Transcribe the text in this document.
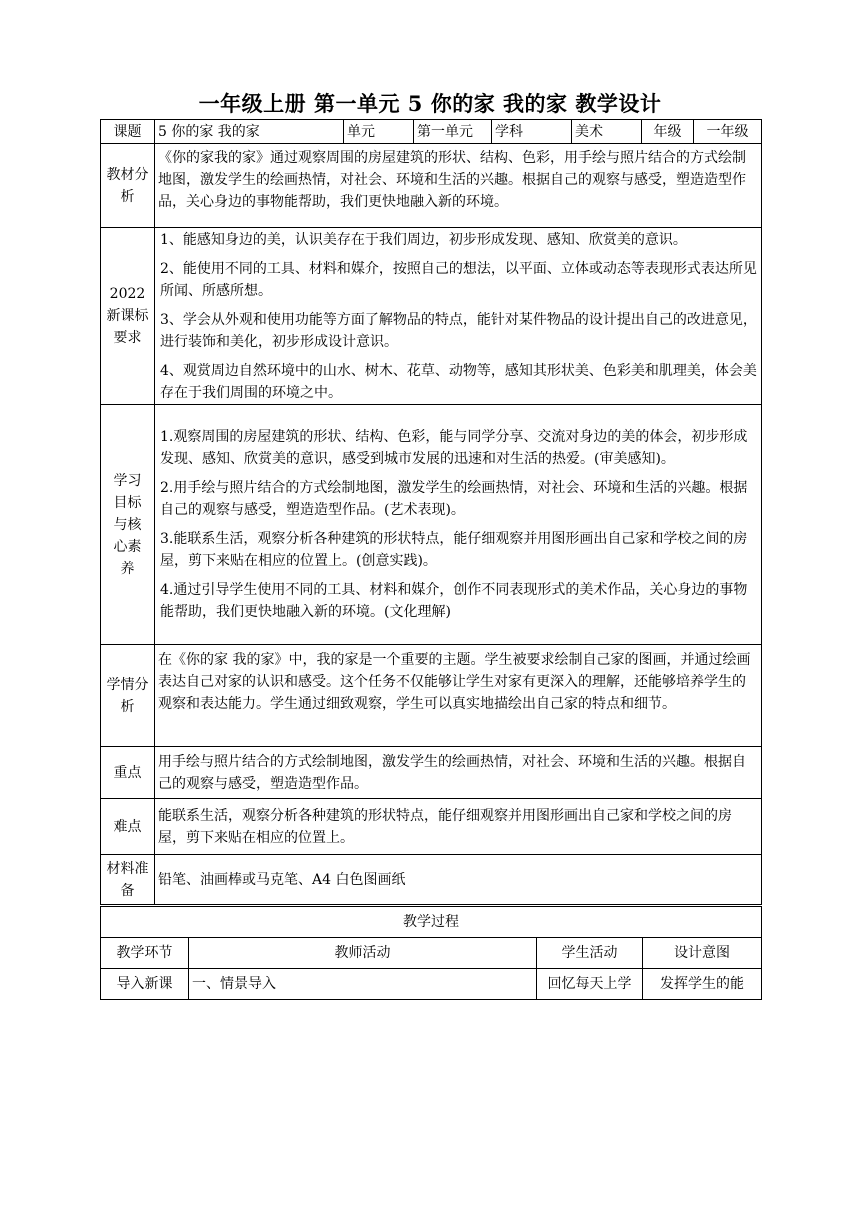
一年级上册 第一单元 5 你的家 我的家 教学设计
课题	5 你的家 我的家	单元	第一单元	学科	美术	年级	一年级
教材分析	《你的家我的家》通过观察周围的房屋建筑的形状、结构、色彩，用手绘与照片结合的方式绘制地图，激发学生的绘画热情，对社会、环境和生活的兴趣。根据自己的观察与感受，塑造造型作品，关心身边的事物能帮助，我们更快地融入新的环境。						
2022 新课标要求	1、能感知身边的美，认识美存在于我们周边，初步形成发现、感知、欣赏美的意识。

2、能使用不同的工具、材料和媒介，按照自己的想法，以平面、立体或动态等表现形式表达所见所闻、所感所想。

3、学会从外观和使用功能等方面了解物品的特点，能针对某件物品的设计提出自己的改进意见，进行装饰和美化，初步形成设计意识。

4、观赏周边自然环境中的山水、树木、花草、动物等，感知其形状美、色彩美和肌理美，体会美存在于我们周围的环境之中。						

学习目标与核心素养	1.观察周围的房屋建筑的形状、结构、色彩，能与同学分享、交流对身边的美的体会，初步形成发现、感知、欣赏美的意识，感受到城市发展的迅速和对生活的热爱。(审美感知)。

2.用手绘与照片结合的方式绘制地图，激发学生的绘画热情，对社会、环境和生活的兴趣。根据自己的观察与感受，塑造造型作品。(艺术表现)。

3.能联系生活，观察分析各种建筑的形状特点，能仔细观察并用图形画出自己家和学校之间的房屋，剪下来贴在相应的位置上。(创意实践)。

4.通过引导学生使用不同的工具、材料和媒介，创作不同表现形式的美术作品，关心身边的事物能帮助，我们更快地融入新的环境。(文化理解)						

学情分析	在《你的家 我的家》中，我的家是一个重要的主题。学生被要求绘制自己家的图画，并通过绘画表达自己对家的认识和感受。这个任务不仅能够让学生对家有更深入的理解，还能够培养学生的观察和表达能力。学生通过细致观察，学生可以真实地描绘出自己家的特点和细节。						
重点	用手绘与照片结合的方式绘制地图，激发学生的绘画热情，对社会、环境和生活的兴趣。根据自己的观察与感受，塑造造型作品。						
难点	能联系生活，观察分析各种建筑的形状特点，能仔细观察并用图形画出自己家和学校之间的房屋，剪下来贴在相应的位置上。						
材料准备	铅笔、油画棒或马克笔、A4 白色图画纸						
教学过程			
教学环节	教师活动	学生活动	设计意图
导入新课	一、情景导入	回忆每天上学	发挥学生的能
